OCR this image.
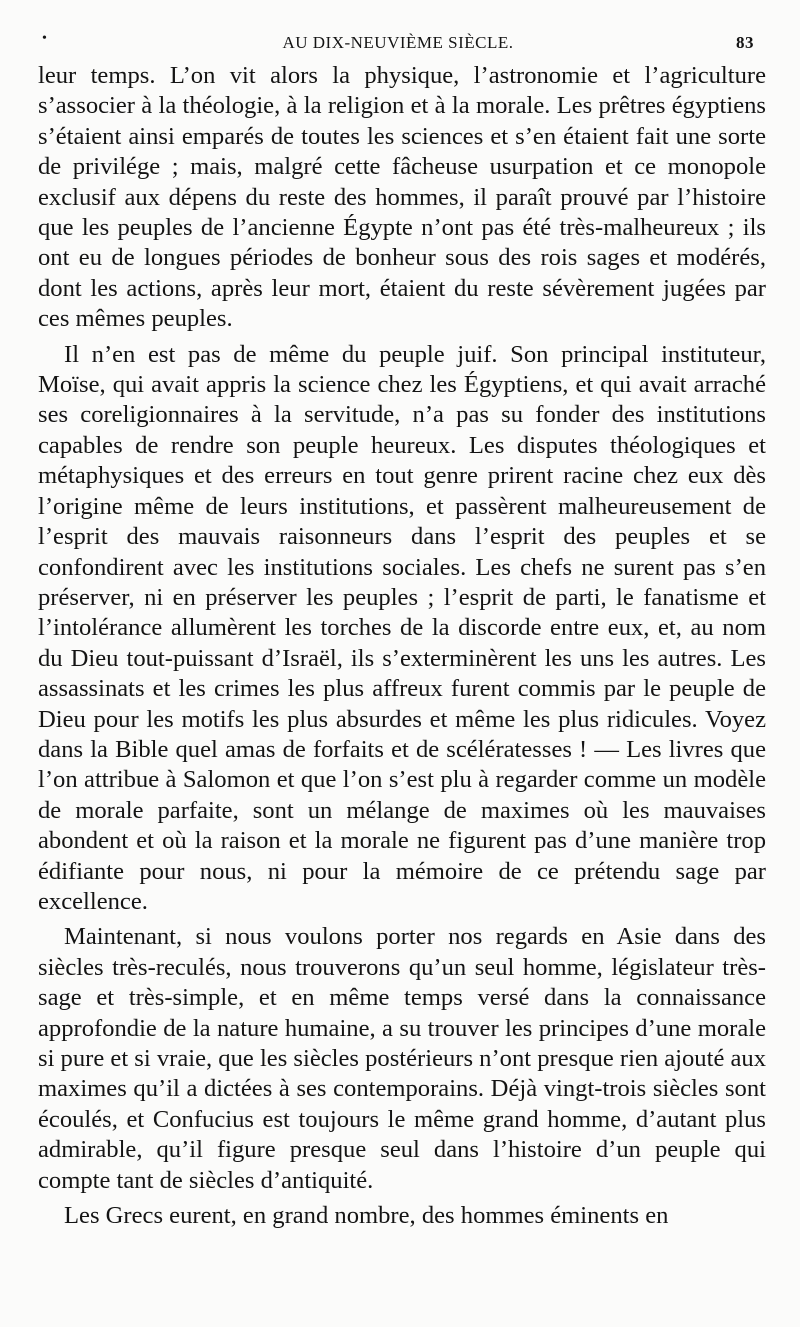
•	AU DIX-NEUVIÈME SIÈCLE.	83

leur temps. L’on vit alors la physique, l’astronomie et l’agriculture s’associer à la théologie, à la religion et à la morale. Les prêtres égyptiens s’étaient ainsi emparés de toutes les sciences et s’en étaient fait une sorte de privilége ; mais, malgré cette fâcheuse usurpation et ce monopole exclusif aux dépens du reste des hommes, il paraît prouvé par l’histoire que les peuples de l’ancienne Égypte n’ont pas été très-malheureux ; ils ont eu de longues périodes de bonheur sous des rois sages et modérés, dont les actions, après leur mort, étaient du reste sévèrement jugées par ces mêmes peuples.

Il n’en est pas de même du peuple juif. Son principal instituteur, Moïse, qui avait appris la science chez les Égyptiens, et qui avait arraché ses coreligionnaires à la servitude, n’a pas su fonder des institutions capables de rendre son peuple heureux. Les disputes théologiques et métaphysiques et des erreurs en tout genre prirent racine chez eux dès l’origine même de leurs institutions, et passèrent malheureusement de l’esprit des mauvais raisonneurs dans l’esprit des peuples et se confondirent avec les institutions sociales. Les chefs ne surent pas s’en préserver, ni en préserver les peuples ; l’esprit de parti, le fanatisme et l’intolérance allumèrent les torches de la discorde entre eux, et, au nom du Dieu tout-puissant d’Israël, ils s’exterminèrent les uns les autres. Les assassinats et les crimes les plus affreux furent commis par le peuple de Dieu pour les motifs les plus absurdes et même les plus ridicules. Voyez dans la Bible quel amas de forfaits et de scélératesses ! — Les livres que l’on attribue à Salomon et que l’on s’est plu à regarder comme un modèle de morale parfaite, sont un mélange de maximes où les mauvaises abondent et où la raison et la morale ne figurent pas d’une manière trop édifiante pour nous, ni pour la mémoire de ce prétendu sage par excellence.

Maintenant, si nous voulons porter nos regards en Asie dans des siècles très-reculés, nous trouverons qu’un seul homme, législateur très-sage et très-simple, et en même temps versé dans la connaissance approfondie de la nature humaine, a su trouver les principes d’une morale si pure et si vraie, que les siècles postérieurs n’ont presque rien ajouté aux maximes qu’il a dictées à ses contemporains. Déjà vingt-trois siècles sont écoulés, et Confucius est toujours le même grand homme, d’autant plus admirable, qu’il figure presque seul dans l’histoire d’un peuple qui compte tant de siècles d’antiquité.

Les Grecs eurent, en grand nombre, des hommes éminents en
